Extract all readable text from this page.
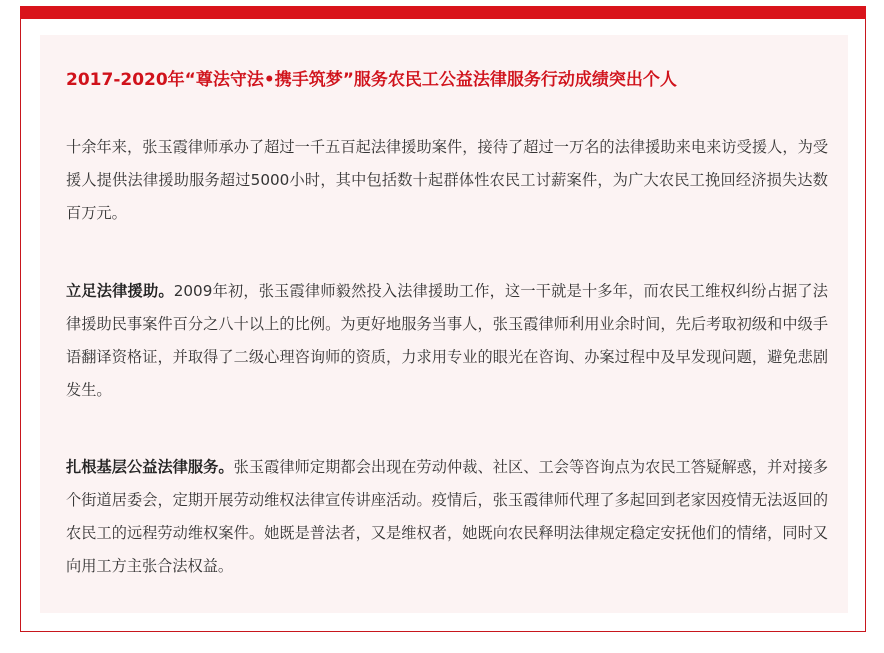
2017-2020年“尊法守法•携手筑梦”服务农民工公益法律服务行动成绩突出个人

十余年来，张玉霞律师承办了超过一千五百起法律援助案件，接待了超过一万名的法律援助来电来访受援人，为受援人提供法律援助服务超过5000小时，其中包括数十起群体性农民工讨薪案件，为广大农民工挽回经济损失达数百万元。

立足法律援助。2009年初，张玉霞律师毅然投入法律援助工作，这一干就是十多年，而农民工维权纠纷占据了法律援助民事案件百分之八十以上的比例。为更好地服务当事人，张玉霞律师利用业余时间，先后考取初级和中级手语翻译资格证，并取得了二级心理咨询师的资质，力求用专业的眼光在咨询、办案过程中及早发现问题，避免悲剧发生。

扎根基层公益法律服务。张玉霞律师定期都会出现在劳动仲裁、社区、工会等咨询点为农民工答疑解惑，并对接多个街道居委会，定期开展劳动维权法律宣传讲座活动。疫情后，张玉霞律师代理了多起回到老家因疫情无法返回的农民工的远程劳动维权案件。她既是普法者，又是维权者，她既向农民释明法律规定稳定安抚他们的情绪，同时又向用工方主张合法权益。
